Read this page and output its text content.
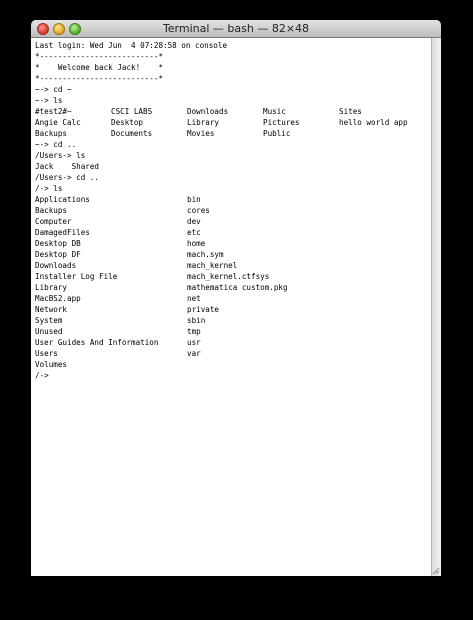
Terminal — bash — 82×48
Last login: Wed Jun  4 07:28:58 on console
*--------------------------*
*    Welcome back Jack!    *
*--------------------------*
~-> cd ~
~-> ls
#test2#~	CSCI LABS	Downloads	Music	Sites
Angie Calc	Desktop	Library	Pictures	hello world app
Backups	Documents	Movies	Public
~-> cd ..
/Users-> ls
Jack    Shared
/Users-> cd ..
/-> ls
Applications	bin
Backups	cores
Computer	dev
DamagedFiles	etc
Desktop DB	home
Desktop DF	mach.sym
Downloads	mach_kernel
Installer Log File	mach_kernel.ctfsys
Library	mathematica custom.pkg
MacBS2.app	net
Network	private
System	sbin
Unused	tmp
User Guides And Information	usr
Users	var
Volumes
/->
